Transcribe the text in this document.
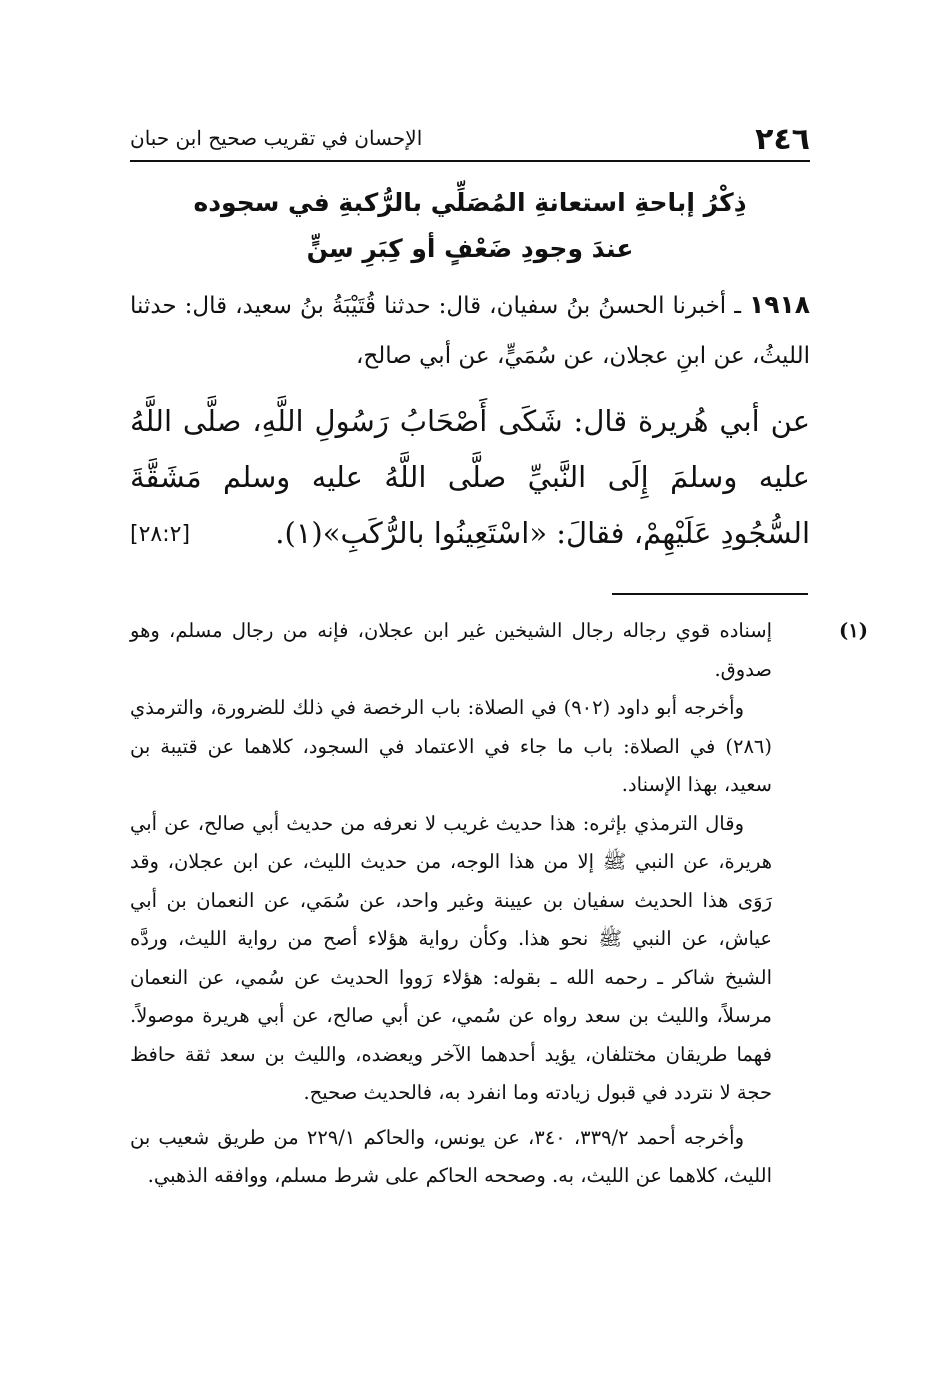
٢٤٦
الإحسان في تقريب صحيح ابن حبان
ذِكْرُ إباحةِ استعانةِ المُصَلِّي بالرُّكبةِ في سجوده
عندَ وجودِ ضَعْفٍ أو كِبَرِ سِنٍّ

١٩١٨ ـ أخبرنا الحسنُ بنُ سفيان، قال: حدثنا قُتَيْبَةُ بنُ سعيد، قال: حدثنا الليثُ، عن ابنِ عجلان، عن سُمَيٍّ، عن أبي صالح،

عن أبي هُريرة قال: شَكَى أَصْحَابُ رَسُولِ اللَّهِ، صلَّى اللَّهُ عليه وسلمَ إِلَى النَّبيِّ صلَّى اللَّهُ عليه وسلم مَشَقَّةَ السُّجُودِ عَلَيْهِمْ، فقالَ: «اسْتَعِينُوا بالرُّكَبِ»(١).
[٢٨:٢]

(١)إسناده قوي رجاله رجال الشيخين غير ابن عجلان، فإنه من رجال مسلم، وهو صدوق.

وأخرجه أبو داود (٩٠٢) في الصلاة: باب الرخصة في ذلك للضرورة، والترمذي (٢٨٦) في الصلاة: باب ما جاء في الاعتماد في السجود، كلاهما عن قتيبة بن سعيد، بهذا الإسناد.

وقال الترمذي بإثره: هذا حديث غريب لا نعرفه من حديث أبي صالح، عن أبي هريرة، عن النبي ﷺ إلا من هذا الوجه، من حديث الليث، عن ابن عجلان، وقد رَوَى هذا الحديث سفيان بن عيينة وغير واحد، عن سُمَي، عن النعمان بن أبي عياش، عن النبي ﷺ نحو هذا. وكأن رواية هؤلاء أصح من رواية الليث، وردَّه الشيخ شاكر ـ رحمه الله ـ بقوله: هؤلاء رَووا الحديث عن سُمي، عن النعمان مرسلاً، والليث بن سعد رواه عن سُمي، عن أبي صالح، عن أبي هريرة موصولاً. فهما طريقان مختلفان، يؤيد أحدهما الآخر ويعضده، والليث بن سعد ثقة حافظ حجة لا نتردد في قبول زيادته وما انفرد به، فالحديث صحيح.

وأخرجه أحمد ٣٣٩/٢، ٣٤٠، عن يونس، والحاكم ٢٢٩/١ من طريق شعيب بن الليث، كلاهما عن الليث، به. وصححه الحاكم على شرط مسلم، ووافقه الذهبي.
